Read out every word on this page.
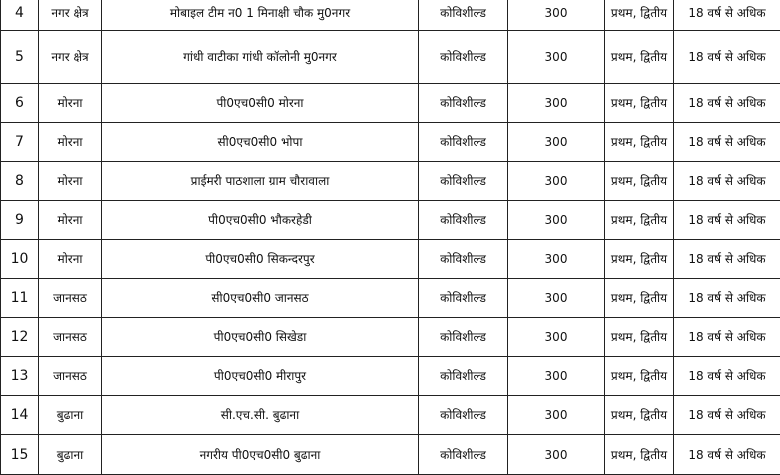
4	नगर क्षेत्र	मोबाइल टीम न0 1 मिनाक्षी चौक मु0नगर	कोविशील्ड	300	प्रथम, द्वितीय	18 वर्ष से अधिक
5	नगर क्षेत्र	गांधी वाटीका गांधी कॉलोनी मु0नगर	कोविशील्ड	300	प्रथम, द्वितीय	18 वर्ष से अधिक
6	मोरना	पी0एच0सी0 मोरना	कोविशील्ड	300	प्रथम, द्वितीय	18 वर्ष से अधिक
7	मोरना	सी0एच0सी0 भोपा	कोविशील्ड	300	प्रथम, द्वितीय	18 वर्ष से अधिक
8	मोरना	प्राईमरी पाठशाला ग्राम चौरावाला	कोविशील्ड	300	प्रथम, द्वितीय	18 वर्ष से अधिक
9	मोरना	पी0एच0सी0 भौकरहेडी	कोविशील्ड	300	प्रथम, द्वितीय	18 वर्ष से अधिक
10	मोरना	पी0एच0सी0 सिकन्दरपुर	कोविशील्ड	300	प्रथम, द्वितीय	18 वर्ष से अधिक
11	जानसठ	सी0एच0सी0 जानसठ	कोविशील्ड	300	प्रथम, द्वितीय	18 वर्ष से अधिक
12	जानसठ	पी0एच0सी0 सिखेडा	कोविशील्ड	300	प्रथम, द्वितीय	18 वर्ष से अधिक
13	जानसठ	पी0एच0सी0 मीरापुर	कोविशील्ड	300	प्रथम, द्वितीय	18 वर्ष से अधिक
14	बुढाना	सी.एच.सी. बुढाना	कोविशील्ड	300	प्रथम, द्वितीय	18 वर्ष से अधिक
15	बुढाना	नगरीय पी0एच0सी0 बुढाना	कोविशील्ड	300	प्रथम, द्वितीय	18 वर्ष से अधिक
